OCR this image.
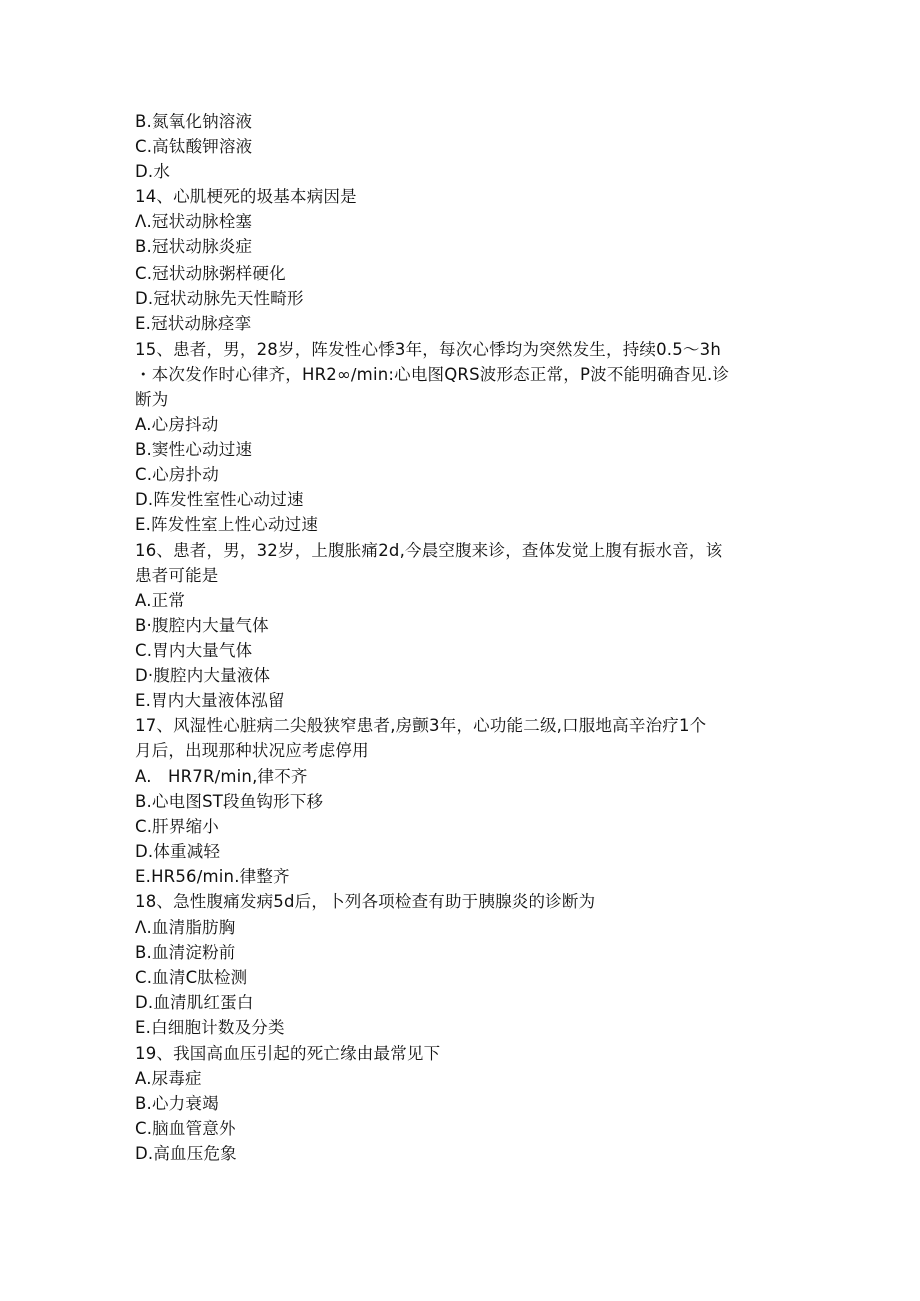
B.氮氧化钠溶液
C.高钛酸钾溶液
D.水
14、心肌梗死的圾基本病因是
Λ.冠状动脉栓塞
B.冠状动脉炎症
C.冠状动脉粥样硬化
D.冠状动脉先天性畸形
E.冠状动脉痉挛
15、患者，男，28岁，阵发性心悸3年，每次心悸均为突然发生，持续0.5～3h
・本次发作时心律齐，HR2∞∕min:心电图QRS波形态正常，P波不能明确杳见.诊
断为
A.心房抖动
B.窦性心动过速
C.心房扑动
D.阵发性室性心动过速
E.阵发性室上性心动过速
16、患者，男，32岁，上腹胀痛2d,今晨空腹来诊，查体发觉上腹有振水音，该
患者可能是
A.正常
B·腹腔内大量气体
C.胃内大量气体
D·腹腔内大量液体
E.胃内大量液体泓留
17、风湿性心脏病二尖般狭窄患者,房颤3年，心功能二级,口服地高辛治疗1个
月后，出现那种状况应考虑停用
A.   HR7R∕min,律不齐
B.心电图ST段鱼钩形下移
C.肝界缩小
D.体重减轻
E.HR56∕min.律整齐
18、急性腹痛发病5d后，卜列各项检查有助于胰腺炎的诊断为
Λ.血清脂肪胸
B.血清淀粉前
C.血清C肽检测
D.血清肌红蛋白
E.白细胞计数及分类
19、我国高血压引起的死亡缘由最常见下
A.尿毒症
B.心力衰竭
C.脑血管意外
D.高血压危象
